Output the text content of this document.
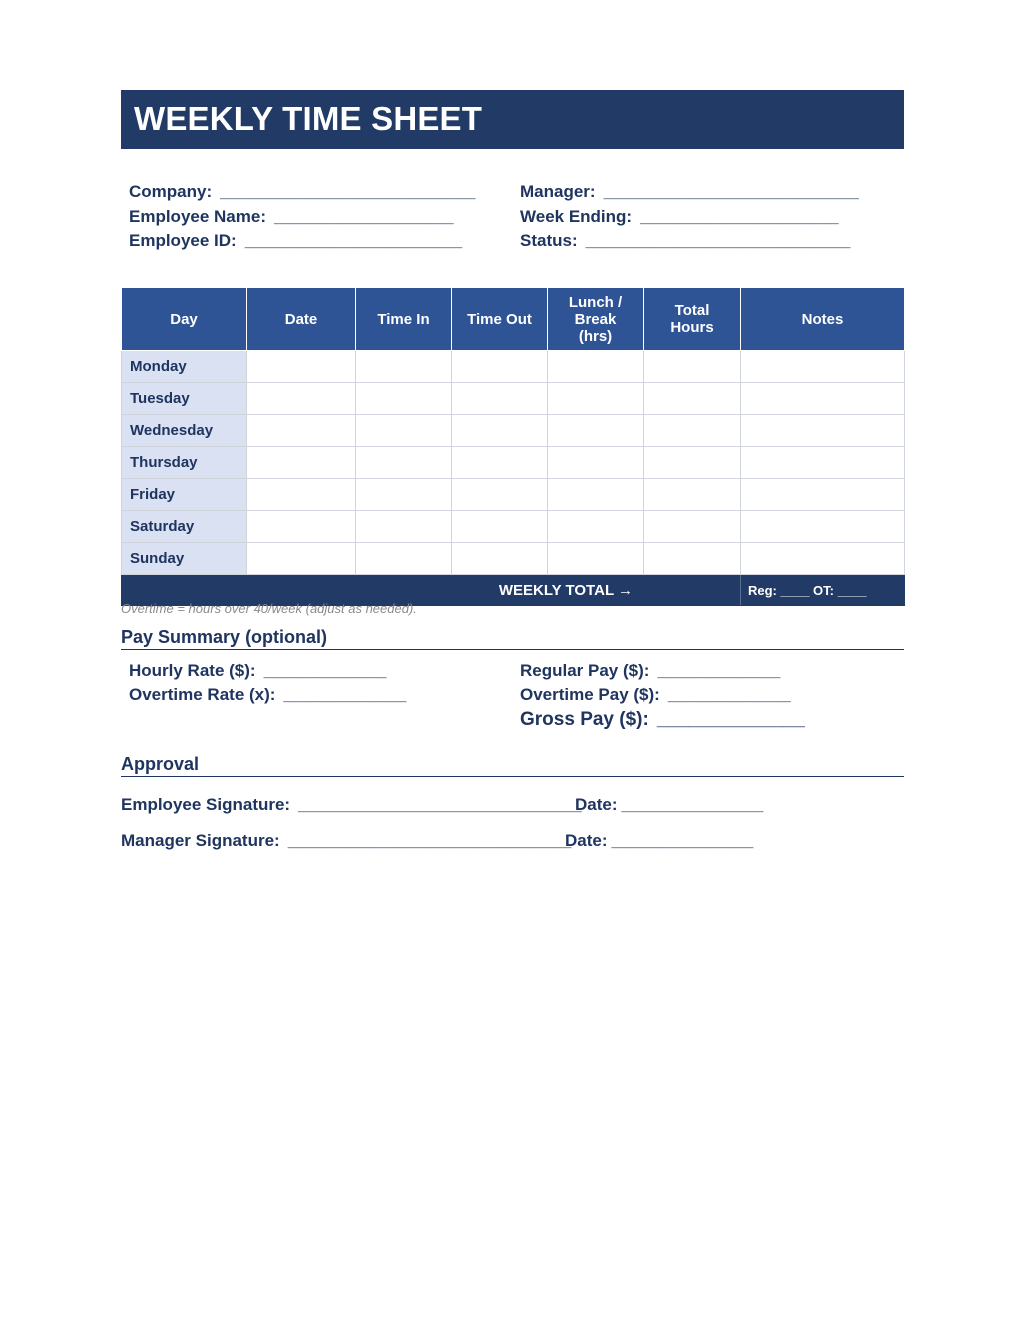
WEEKLY TIME SHEET
Company: ___________________________
Employee Name: ___________________
Employee ID: _______________________
Manager: ___________________________
Week Ending: _____________________
Status: ____________________________
Day	Date	Time In	Time Out	Lunch /
Break
(hrs)	Total
Hours	Notes
Monday						
Tuesday						
Wednesday						
Thursday						
Friday						
Saturday						
Sunday						
WEEKLY TOTAL →						Reg: ____ OT: ____
Overtime = hours over 40/week (adjust as needed).
Pay Summary (optional)
Hourly Rate ($): _____________
Overtime Rate (x): _____________
Regular Pay ($): _____________
Overtime Pay ($): _____________
Gross Pay ($): ______________
Approval
Employee Signature: ______________________________
Date: _______________
Manager Signature: ______________________________
Date: _______________
